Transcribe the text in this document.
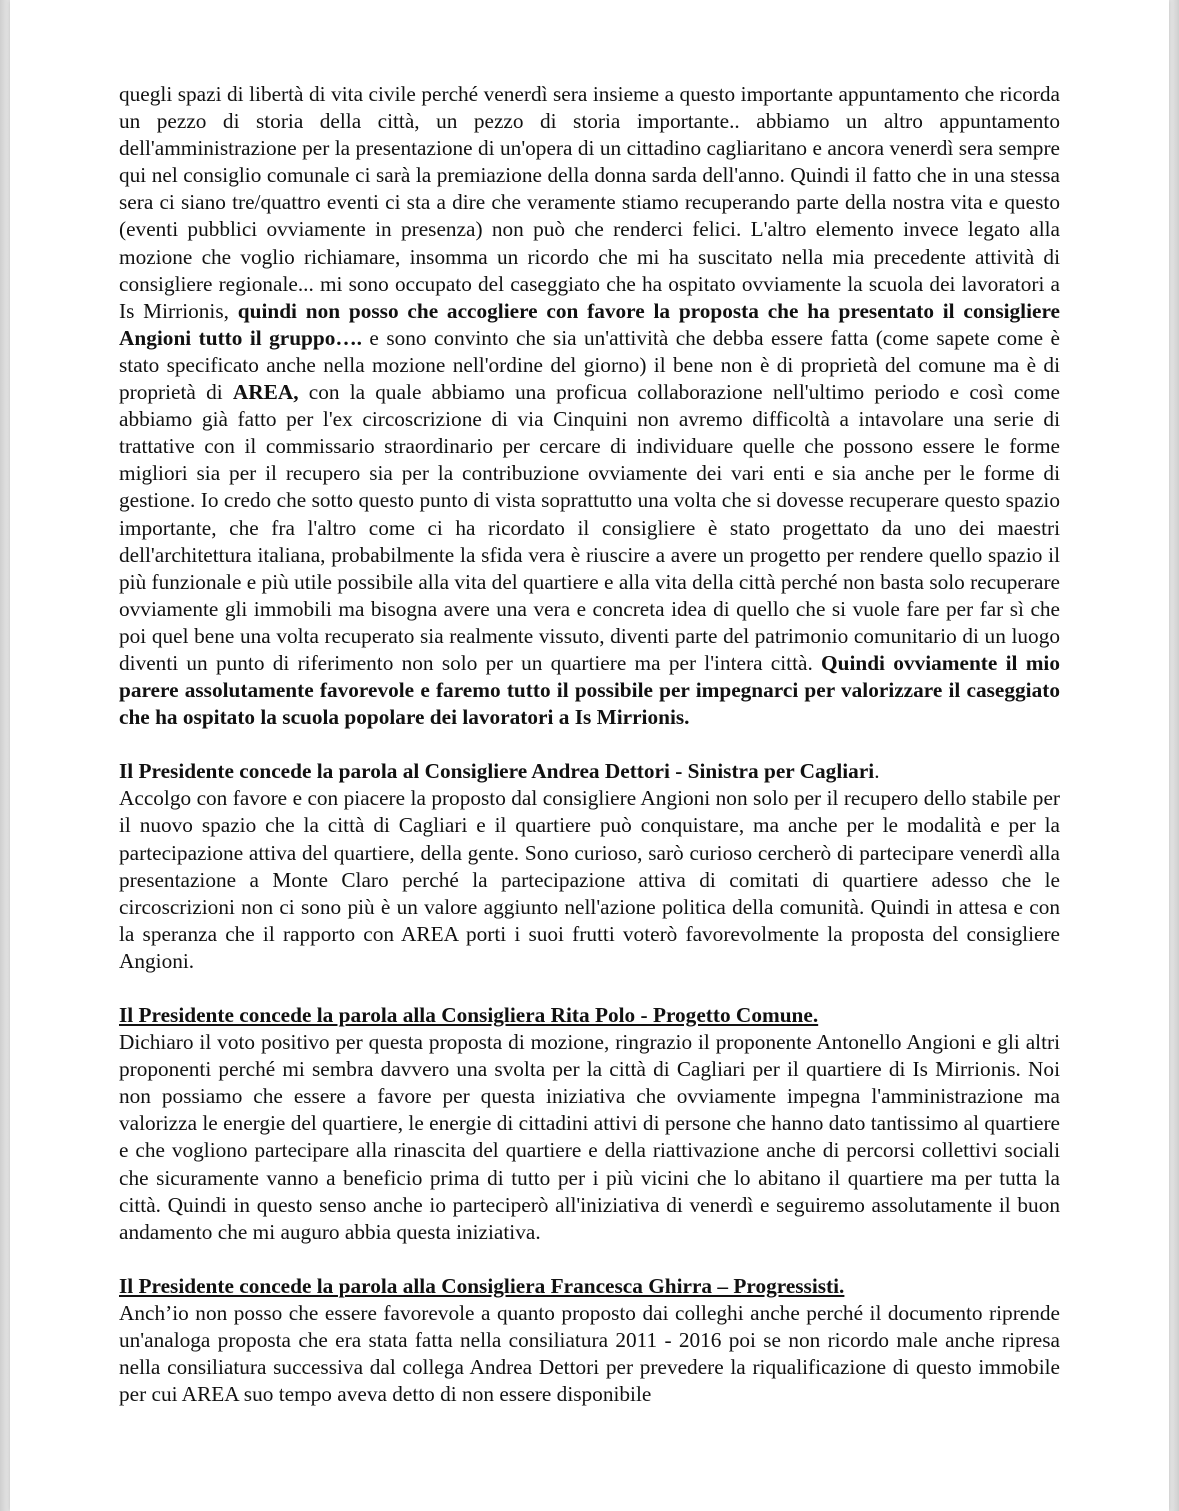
quegli spazi di libertà di vita civile perché venerdì sera insieme a questo importante appuntamento che ricorda un pezzo di storia della città, un pezzo di storia importante.. abbiamo un altro appuntamento dell'amministrazione per la presentazione di un'opera di un cittadino cagliaritano e ancora venerdì sera sempre qui nel consiglio comunale ci sarà la premiazione della donna sarda dell'anno. Quindi il fatto che in una stessa sera ci siano tre/quattro eventi ci sta a dire che veramente stiamo recuperando parte della nostra vita e questo (eventi pubblici ovviamente in presenza) non può che renderci felici. L'altro elemento invece legato alla mozione che voglio richiamare, insomma un ricordo che mi ha suscitato nella mia precedente attività di consigliere regionale... mi sono occupato del caseggiato che ha ospitato ovviamente la scuola dei lavoratori a Is Mirrionis, quindi non posso che accogliere con favore la proposta che ha presentato il consigliere Angioni tutto il gruppo…. e sono convinto che sia un'attività che debba essere fatta (come sapete come è stato specificato anche nella mozione nell'ordine del giorno) il bene non è di proprietà del comune ma è di proprietà di AREA, con la quale abbiamo una proficua collaborazione nell'ultimo periodo e così come abbiamo già fatto per l'ex circoscrizione di via Cinquini non avremo difficoltà a intavolare una serie di trattative con il commissario straordinario per cercare di individuare quelle che possono essere le forme migliori sia per il recupero sia per la contribuzione ovviamente dei vari enti e sia anche per le forme di gestione. Io credo che sotto questo punto di vista soprattutto una volta che si dovesse recuperare questo spazio importante, che fra l'altro come ci ha ricordato il consigliere è stato progettato da uno dei maestri dell'architettura italiana, probabilmente la sfida vera è riuscire a avere un progetto per rendere quello spazio il più funzionale e più utile possibile alla vita del quartiere e alla vita della città perché non basta solo recuperare ovviamente gli immobili ma bisogna avere una vera e concreta idea di quello che si vuole fare per far sì che poi quel bene una volta recuperato sia realmente vissuto, diventi parte del patrimonio comunitario di un luogo diventi un punto di riferimento non solo per un quartiere ma per l'intera città. Quindi ovviamente il mio parere assolutamente favorevole e faremo tutto il possibile per impegnarci per valorizzare il caseggiato che ha ospitato la scuola popolare dei lavoratori a Is Mirrionis.

Il Presidente concede la parola al Consigliere Andrea Dettori - Sinistra per Cagliari.

Accolgo con favore e con piacere la proposto dal consigliere Angioni non solo per il recupero dello stabile per il nuovo spazio che la città di Cagliari e il quartiere può conquistare, ma anche per le modalità e per la partecipazione attiva del quartiere, della gente. Sono curioso, sarò curioso cercherò di partecipare venerdì alla presentazione a Monte Claro perché la partecipazione attiva di comitati di quartiere adesso che le circoscrizioni non ci sono più è un valore aggiunto nell'azione politica della comunità. Quindi in attesa e con la speranza che il rapporto con AREA porti i suoi frutti voterò favorevolmente la proposta del consigliere Angioni.

Il Presidente concede la parola alla Consigliera Rita Polo - Progetto Comune.

Dichiaro il voto positivo per questa proposta di mozione, ringrazio il proponente Antonello Angioni e gli altri proponenti perché mi sembra davvero una svolta per la città di Cagliari per il quartiere di Is Mirrionis. Noi non possiamo che essere a favore per questa iniziativa che ovviamente impegna l'amministrazione ma valorizza le energie del quartiere, le energie di cittadini attivi di persone che hanno dato tantissimo al quartiere e che vogliono partecipare alla rinascita del quartiere e della riattivazione anche di percorsi collettivi sociali che sicuramente vanno a beneficio prima di tutto per i più vicini che lo abitano il quartiere ma per tutta la città. Quindi in questo senso anche io parteciperò all'iniziativa di venerdì e seguiremo assolutamente il buon andamento che mi auguro abbia questa iniziativa.

Il Presidente concede la parola alla Consigliera Francesca Ghirra – Progressisti.

Anch’io non posso che essere favorevole a quanto proposto dai colleghi anche perché il documento riprende un'analoga proposta che era stata fatta nella consiliatura 2011 - 2016 poi se non ricordo male anche ripresa nella consiliatura successiva dal collega Andrea Dettori per prevedere la riqualificazione di questo immobile per cui AREA suo tempo aveva detto di non essere disponibile
